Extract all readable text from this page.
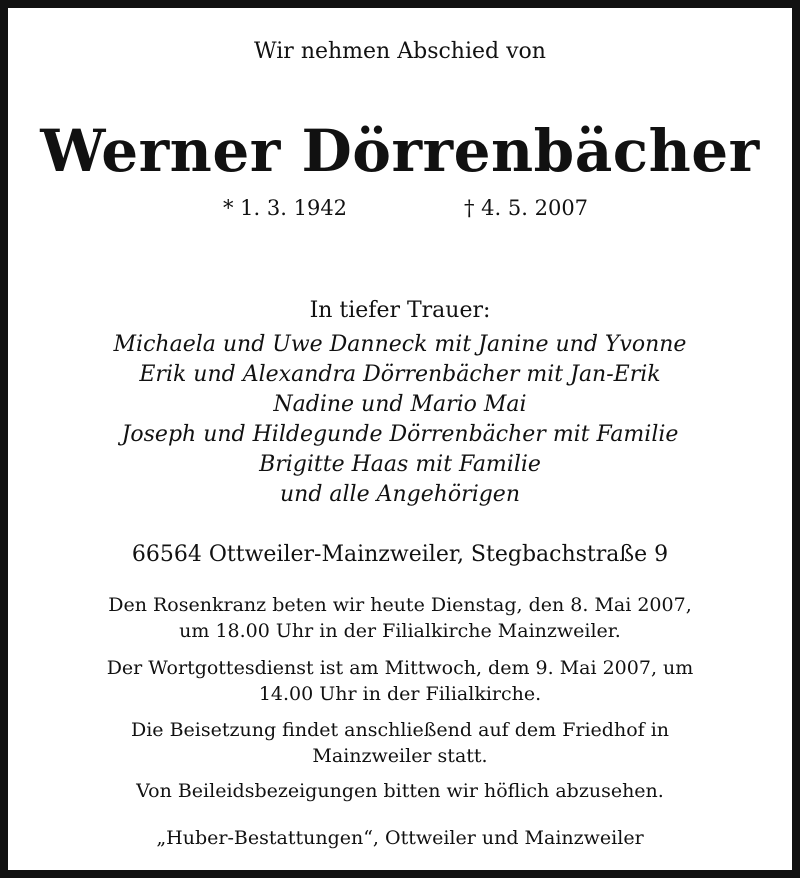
Wir nehmen Abschied von
Werner Dörrenbächer
* 1. 3. 1942	† 4. 5. 2007
In tiefer Trauer:
Michaela und Uwe Danneck mit Janine und Yvonne
Erik und Alexandra Dörrenbächer mit Jan-Erik
Nadine und Mario Mai
Joseph und Hildegunde Dörrenbächer mit Familie
Brigitte Haas mit Familie
und alle Angehörigen
66564 Ottweiler-Mainzweiler, Stegbachstraße 9
Den Rosenkranz beten wir heute Dienstag, den 8. Mai 2007,
um 18.00 Uhr in der Filialkirche Mainzweiler.
Der Wortgottesdienst ist am Mittwoch, dem 9. Mai 2007, um
14.00 Uhr in der Filialkirche.
Die Beisetzung findet anschließend auf dem Friedhof in
Mainzweiler statt.
Von Beileidsbezeigungen bitten wir höflich abzusehen.
„Huber-Bestattungen“, Ottweiler und Mainzweiler
